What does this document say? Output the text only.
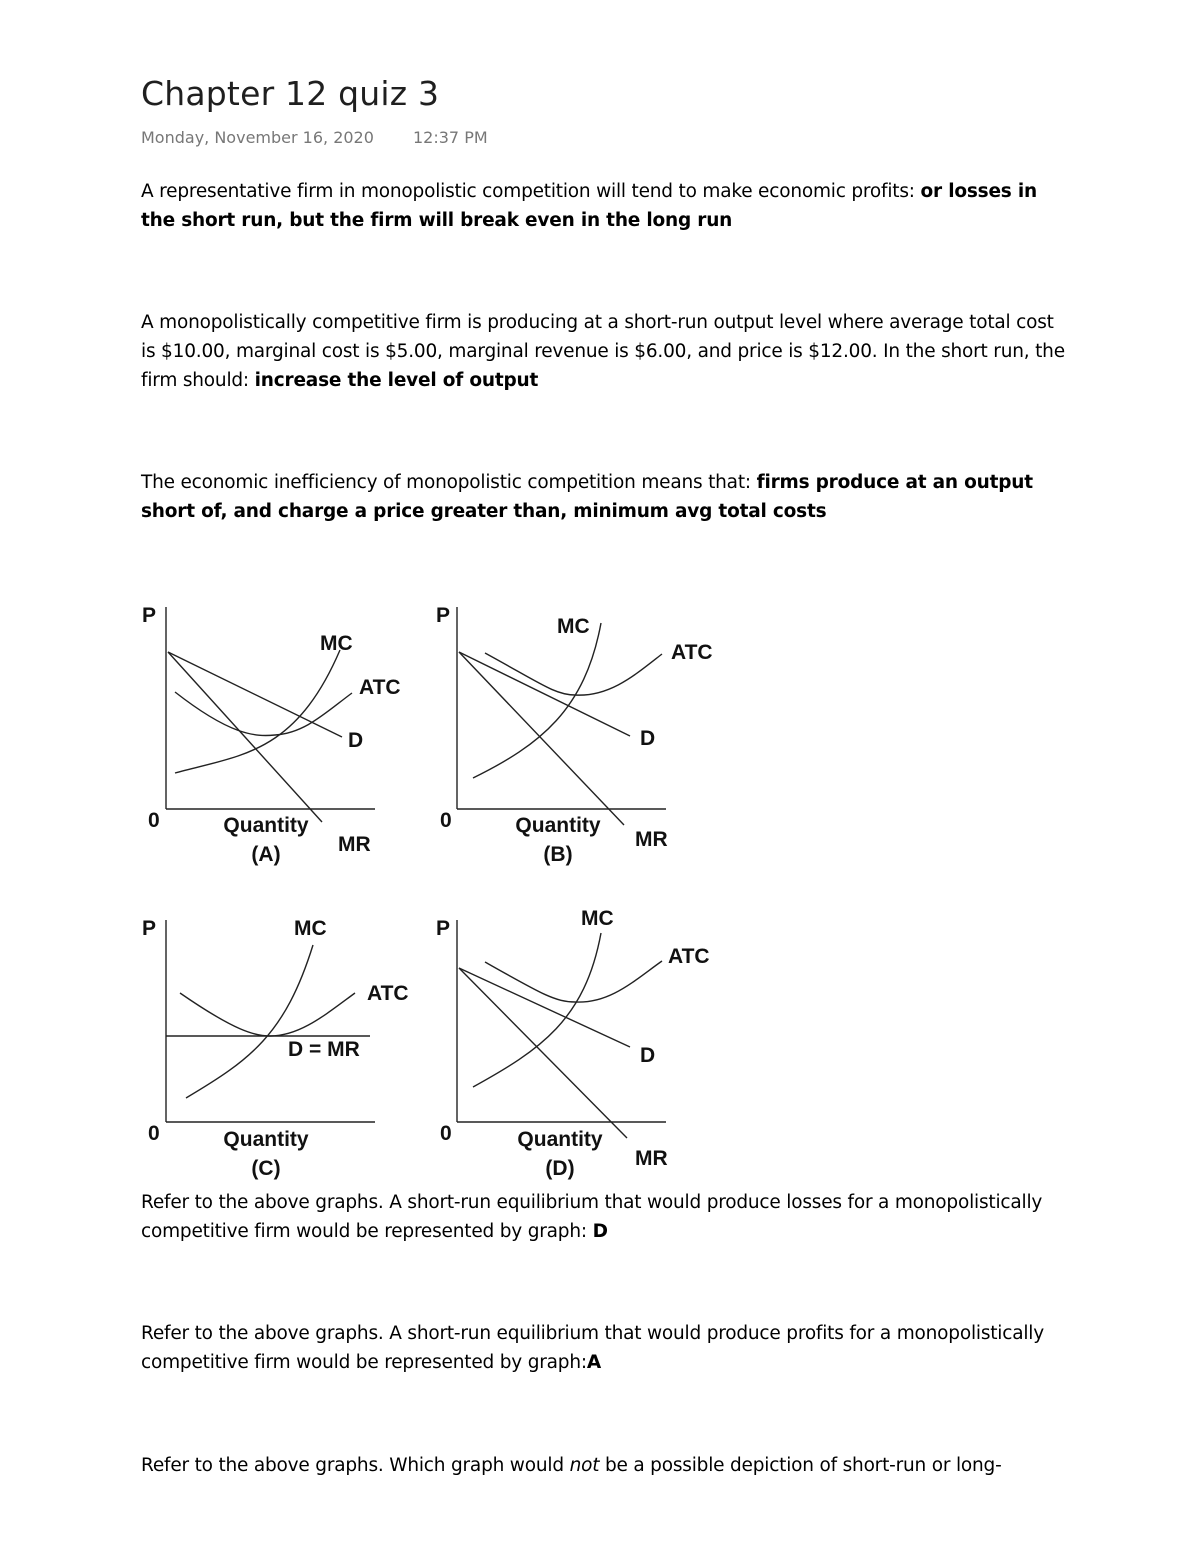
Chapter 12 quiz 3
Monday, November 16, 2020 12:37 PM

A representative firm in monopolistic competition will tend to make economic profits: or losses in the short run, but the firm will break even in the long run

A monopolistically competitive firm is producing at a short-run output level where average total cost is $10.00, marginal cost is $5.00, marginal revenue is $6.00, and price is $12.00. In the short run, the firm should: increase the level of output

The economic inefficiency of monopolistic competition means that: firms produce at an output short of, and charge a price greater than, minimum avg total costs

P
0
MC
ATC
D
MR
Quantity
(A)
P
0
MC
ATC
D
MR
Quantity
(B)
P
0
MC
ATC
D = MR
Quantity
(C)
P
0
MC
ATC
D
MR
Quantity
(D)

Refer to the above graphs. A short-run equilibrium that would produce losses for a monopolistically competitive firm would be represented by graph: D

Refer to the above graphs. A short-run equilibrium that would produce profits for a monopolistically competitive firm would be represented by graph:A

Refer to the above graphs. Which graph would not be a possible depiction of short-run or long-
